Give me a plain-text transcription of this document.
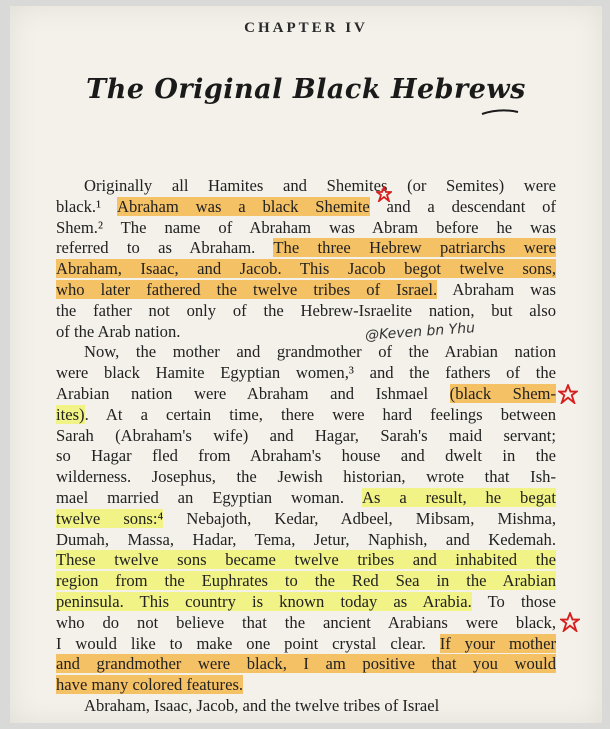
CHAPTER IV
The Original Black Hebrews
Originally all Hamites and Shemites (or Semites) were
black.¹ Abraham was a black Shemite and a descendant of
Shem.² The name of Abraham was Abram before he was
referred to as Abraham. The three Hebrew patriarchs were
Abraham, Isaac, and Jacob. This Jacob begot twelve sons,
who later fathered the twelve tribes of Israel. Abraham was
the father not only of the Hebrew-Israelite nation, but also
of the Arab nation.
Now, the mother and grandmother of the Arabian nation
were black Hamite Egyptian women,³ and the fathers of the
Arabian nation were Abraham and Ishmael (black Shem-
ites). At a certain time, there were hard feelings between
Sarah (Abraham's wife) and Hagar, Sarah's maid servant;
so Hagar fled from Abraham's house and dwelt in the
wilderness. Josephus, the Jewish historian, wrote that Ish-
mael married an Egyptian woman. As a result, he begat
twelve sons:⁴ Nebajoth, Kedar, Adbeel, Mibsam, Mishma,
Dumah, Massa, Hadar, Tema, Jetur, Naphish, and Kedemah.
These twelve sons became twelve tribes and inhabited the
region from the Euphrates to the Red Sea in the Arabian
peninsula. This country is known today as Arabia. To those
who do not believe that the ancient Arabians were black,
I would like to make one point crystal clear. If your mother
and grandmother were black, I am positive that you would
have many colored features.
Abraham, Isaac, Jacob, and the twelve tribes of Israel
@Keven bn Yhu
